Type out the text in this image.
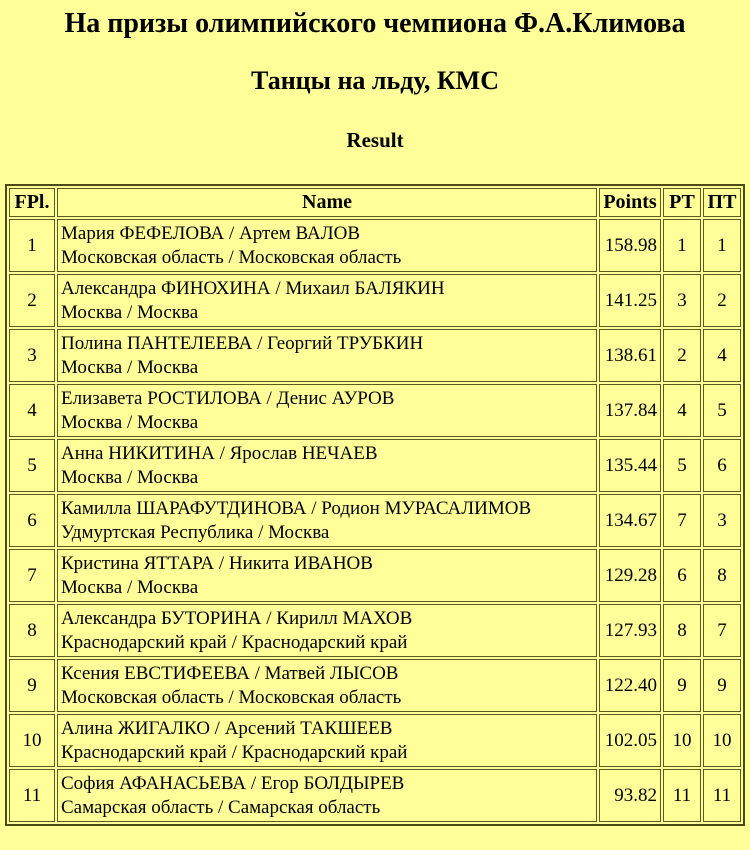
На призы олимпийского чемпиона Ф.А.Климова
Танцы на льду, КМС
Result
FPl.	Name	Points	РТ	ПТ
1	Мария ФЕФЕЛОВА / Артем ВАЛОВ
Московская область / Московская область	158.98	1	1
2	Александра ФИНОХИНА / Михаил БАЛЯКИН
Москва / Москва	141.25	3	2
3	Полина ПАНТЕЛЕЕВА / Георгий ТРУБКИН
Москва / Москва	138.61	2	4
4	Елизавета РОСТИЛОВА / Денис АУРОВ
Москва / Москва	137.84	4	5
5	Анна НИКИТИНА / Ярослав НЕЧАЕВ
Москва / Москва	135.44	5	6
6	Камилла ШАРАФУТДИНОВА / Родион МУРАСАЛИМОВ
Удмуртская Республика / Москва	134.67	7	3
7	Кристина ЯТТАРА / Никита ИВАНОВ
Москва / Москва	129.28	6	8
8	Александра БУТОРИНА / Кирилл МАХОВ
Краснодарский край / Краснодарский край	127.93	8	7
9	Ксения ЕВСТИФЕЕВА / Матвей ЛЫСОВ
Московская область / Московская область	122.40	9	9
10	Алина ЖИГАЛКО / Арсений ТАКШЕЕВ
Краснодарский край / Краснодарский край	102.05	10	10
11	София АФАНАСЬЕВА / Егор БОЛДЫРЕВ
Самарская область / Самарская область	93.82	11	11
